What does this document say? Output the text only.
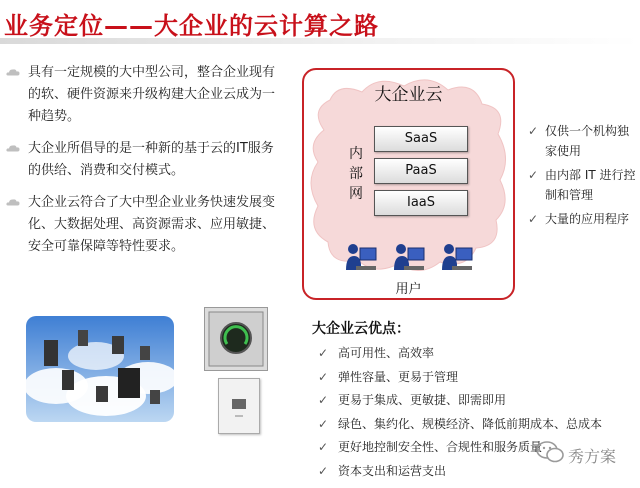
业务定位——大企业的云计算之路
具有一定规模的大中型公司，整合企业现有的软、硬件资源来升级构建大企业云成为一种趋势。
大企业所倡导的是一种新的基于云的IT服务的供给、消费和交付模式。
大企业云符合了大中型企业业务快速发展变化、大数据处理、高资源需求、应用敏捷、安全可靠保障等特性要求。
大企业云
内部网
SaaS
PaaS
IaaS
用户
✓ 仅供一个机构独家使用
✓ 由内部 IT 进行控制和管理
✓ 大量的应用程序
大企业云优点：
✓ 高可用性、高效率
✓ 弹性容量、更易于管理
✓ 更易于集成、更敏捷、即需即用
✓ 绿色、集约化、规模经济、降低前期成本、总成本
✓ 更好地控制安全性、合规性和服务质量
✓ 资本支出和运营支出
秀方案
